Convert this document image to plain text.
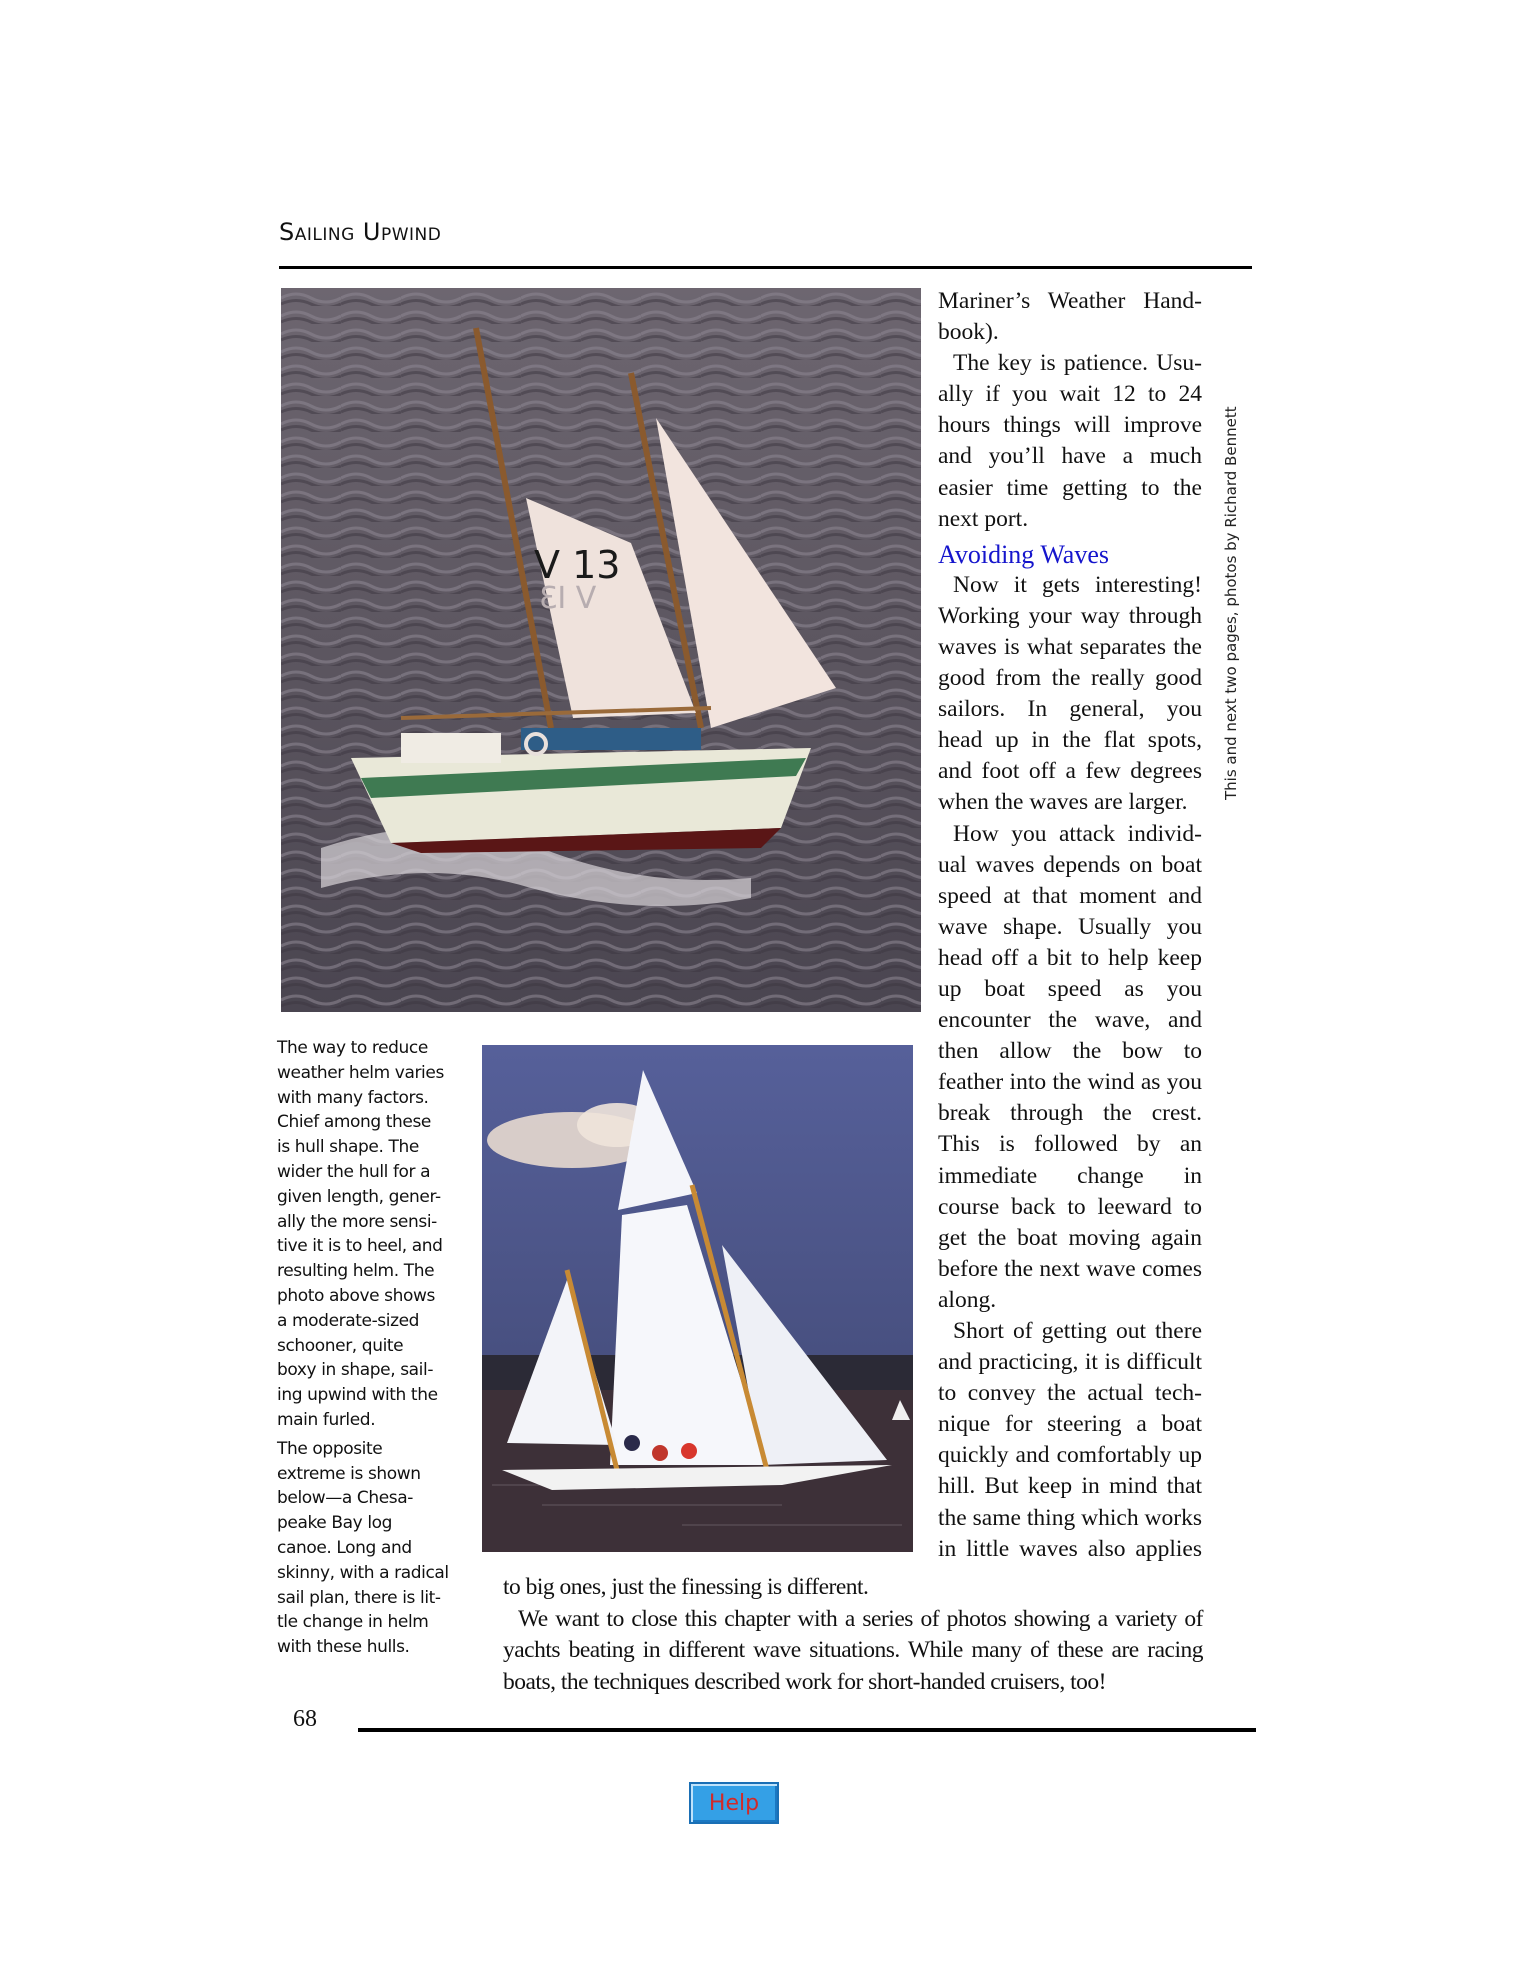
Sailing Upwind
V 13
ƐI V

Mariner’s Weather Hand-
book).

The key is patience. Usu-
ally if you wait 12 to 24
hours things will improve
and you’ll have a much
easier time getting to the
next port.

Avoiding Waves

Now it gets interesting!
Working your way through
waves is what separates the
good from the really good
sailors. In general, you
head up in the flat spots,
and foot off a few degrees
when the waves are larger.

How you attack individ-
ual waves depends on boat
speed at that moment and
wave shape. Usually you
head off a bit to help keep
up boat speed as you
encounter the wave, and
then allow the bow to
feather into the wind as you
break through the crest.
This is followed by an
immediate change in
course back to leeward to
get the boat moving again
before the next wave comes
along.

Short of getting out there
and practicing, it is difficult
to convey the actual tech-
nique for steering a boat
quickly and comfortably up
hill. But keep in mind that
the same thing which works
in little waves also applies

This and next two pages, photos by Richard Bennett

The way to reduce
weather helm varies
with many factors.
Chief among these
is hull shape. The
wider the hull for a
given length, gener-
ally the more sensi-
tive it is to heel, and
resulting helm. The
photo above shows
a moderate-sized
schooner, quite
boxy in shape, sail-
ing upwind with the
main furled.

The opposite
extreme is shown
below—a Chesa-
peake Bay log
canoe. Long and
skinny, with a radical
sail plan, there is lit-
tle change in helm
with these hulls.

to big ones, just the finessing is different.
We want to close this chapter with a series of photos showing a variety of
yachts beating in different wave situations. While many of these are racing
boats, the techniques described work for short-handed cruisers, too!
68
Help
